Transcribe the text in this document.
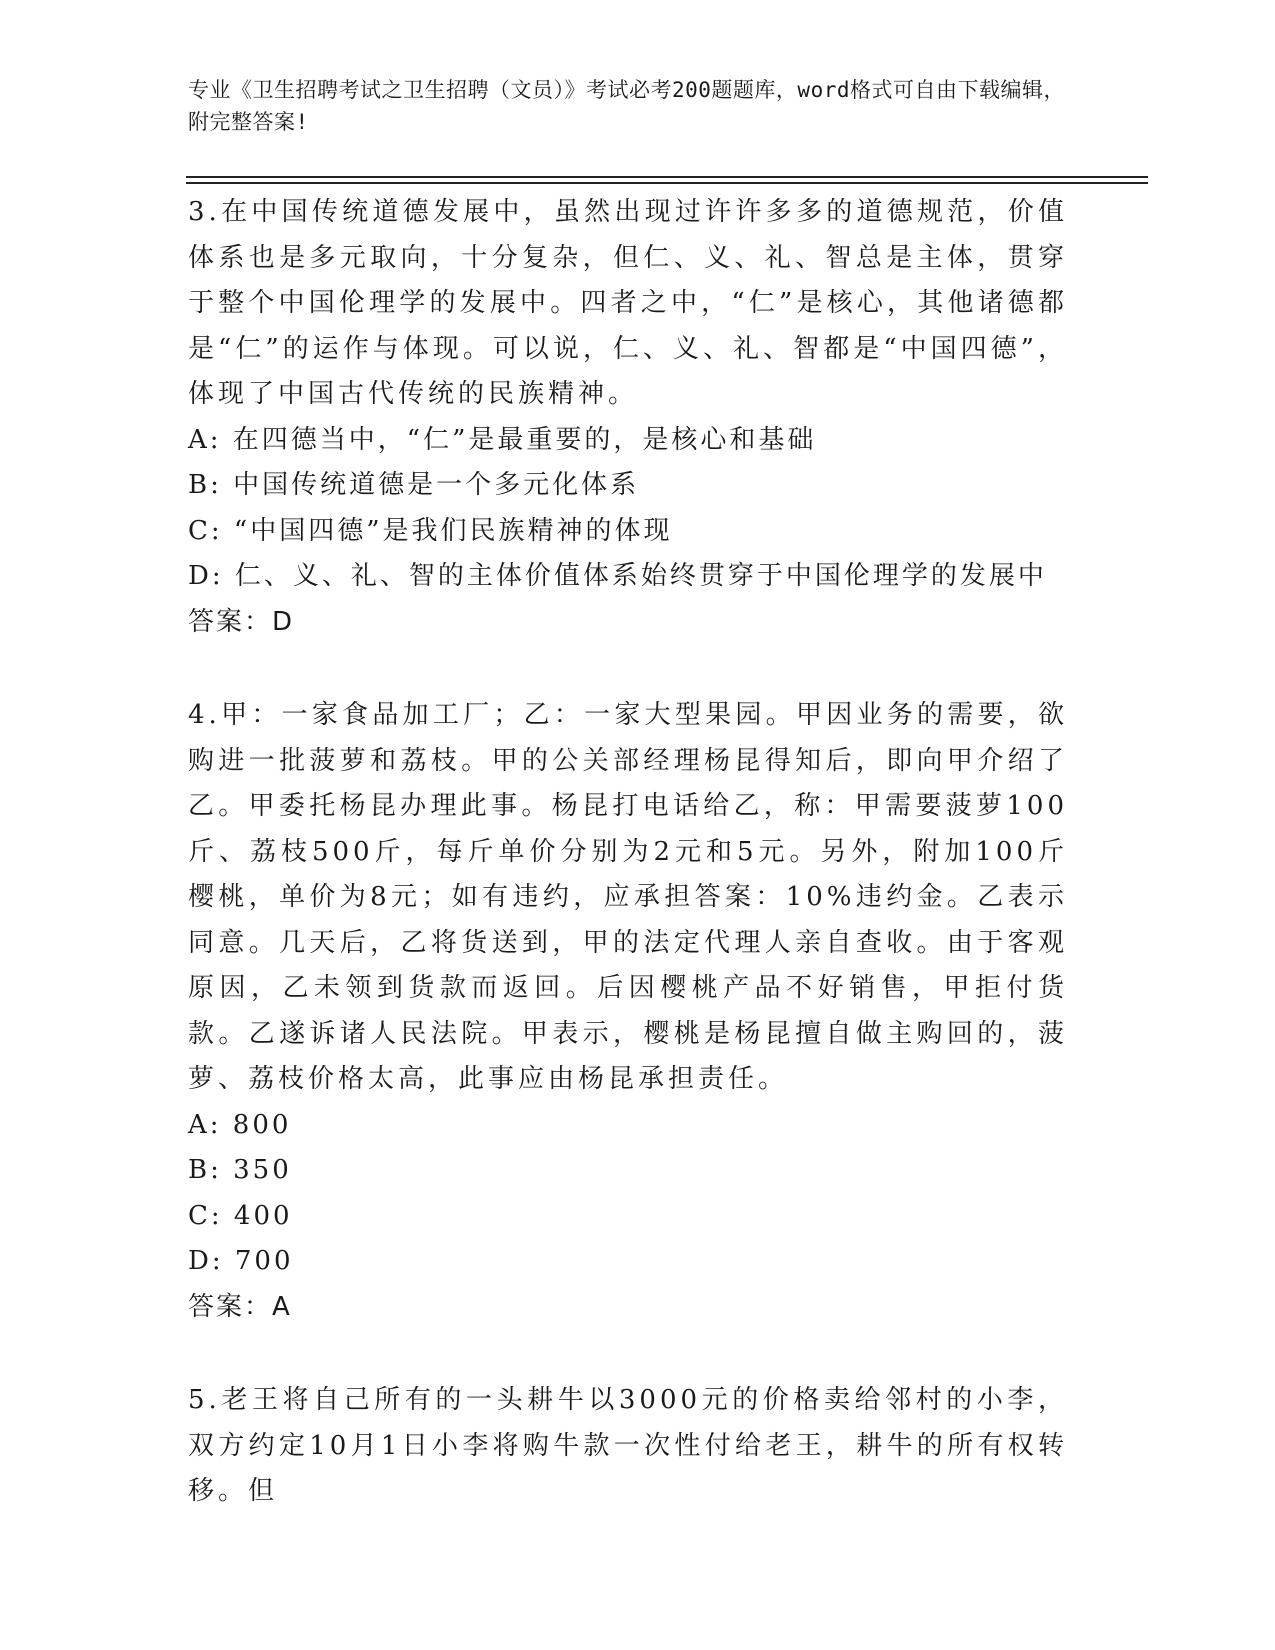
专业《卫生招聘考试之卫生招聘（文员）》考试必考200题题库，word格式可自由下载编辑，附完整答案!

3.在中国传统道德发展中，虽然出现过许许多多的道德规范，价值体系也是多元取向，十分复杂，但仁、义、礼、智总是主体，贯穿于整个中国伦理学的发展中。四者之中，“仁”是核心，其他诸德都是“仁”的运作与体现。可以说，仁、义、礼、智都是“中国四德”，体现了中国古代传统的民族精神。

A: 在四德当中，“仁”是最重要的，是核心和基础

B: 中国传统道德是一个多元化体系

C: “中国四德”是我们民族精神的体现

D: 仁、义、礼、智的主体价值体系始终贯穿于中国伦理学的发展中

答案：D

4.甲：一家食品加工厂；乙：一家大型果园。甲因业务的需要，欲购进一批菠萝和荔枝。甲的公关部经理杨昆得知后，即向甲介绍了乙。甲委托杨昆办理此事。杨昆打电话给乙，称：甲需要菠萝100斤、荔枝500斤，每斤单价分别为2元和5元。另外，附加100斤樱桃，单价为8元；如有违约，应承担答案：10%违约金。乙表示同意。几天后，乙将货送到，甲的法定代理人亲自查收。由于客观原因，乙未领到货款而返回。后因樱桃产品不好销售，甲拒付货款。乙遂诉诸人民法院。甲表示，樱桃是杨昆擅自做主购回的，菠萝、荔枝价格太高，此事应由杨昆承担责任。

A: 800

B: 350

C: 400

D: 700

答案：A

5.老王将自己所有的一头耕牛以3000元的价格卖给邻村的小李，双方约定10月1日小李将购牛款一次性付给老王，耕牛的所有权转移。但
